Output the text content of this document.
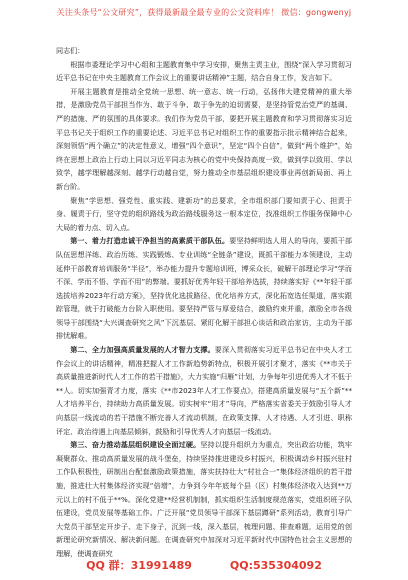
关注头条号“公文研究”，获得最新最全最专业的公文资料库！ 微信：gongwenyj

同志们：

根据市委理论学习中心组和主题教育集中学习安排，聚焦主责主业，围绕“深入学习贯彻习近平总书记在中央主题教育工作会议上的重要讲话精神”主题，结合自身工作，发言如下。

开展主题教育是推动全党统一思想、统一意志、统一行动，弘扬伟大建党精神的重大举措，是激励党员干部担当作为、敢于斗争、敢于争先的迫切需要，是坚持管党治党严的基调、严的措施、严的氛围的具体要求。我们作为党员干部，要把开展主题教育和学习贯彻落实习近平总书记关于组织工作的重要论述、习近平总书记对组织工作的重要指示批示精神结合起来，深刻领悟“两个确立”的决定性意义，增强“四个意识”，坚定“四个自信”，做到“两个维护”，始终在思想上政治上行动上同以习近平同志为核心的党中央保持高度一致，做到学以致用、学以致学，越学理解越深刻、越学行动越自觉，努力推动全市基层组织建设事业再创新局面、再上新台阶。

聚焦“学思想、强党性、重实践、建新功”的总要求，全市组织部门要知责于心、担责于身、履责于行，坚守党的组织路线为政治路线服务这一根本定位，找准组织工作服务保障中心大局的着力点、切入点。

第一、着力打造忠诚干净担当的高素质干部队伍。要坚持鲜明选人用人的导向，要抓干部队伍思想洋练、政治历练、实践锻炼、专业训练“全链条”建设，既抓干部能力本领建设，主动延伸干部教育培训服务“半径”，举办能力提升专题培训班，博采众长，破解干部理论学习“学而不深、学而不悟、学而不用”的弊端。要抓好优秀年轻干部培养选拔，持续落实好《**年轻干部选拔培养2023年行动方案》，坚持优化选拔路径、优化培养方式，深化拓宽选任渠道，落实跟踪管理，就于打破能力台阶入职使用。要坚持严管与厚爱结合，激励约束并重，激励全市各级领导干部围绕“大兴调查研究之风”下沉基层、紧盯化解干部担心谈话和政治家访，主动为干部排忧解难。

第二、全力加强高质量发展的人才智力支撑。要深入贯彻落实习近平总书记在中央人才工作会议上的讲话精神，精准把握人才工作新趋势新特点，积极开展引才聚才，落实《**市关于高质量推进新时代人才工作的若干措施》，大力实施“归雁”计划，力争每年引进优秀人才不低于**人。切实加强青才力度，落实《**市2023年人才工作要点》，搭建高质量发展与“五个新”**人才培养平台，持续助力高质量发展。切实树牢“用才”导向，严格落实省委关于鼓励引导人才向基层一线流动的若干措施不断完善人才流动机制，在政策支撑、人才待遇、人才引进、职称评定、政治待遇上向基层倾斜，鼓励和引导优秀人才向基层一线流动。

第三、奋力推动基层组织建设全面过硬。坚持以提升组织力为重点，突出政治功能，筑牢凝聚群众、推动高质量发展的战斗堡垒，持续坚持推进建设乡村振兴，积极调动乡村振兴驻村工作队积极性，研制出台配套激励政策措施，落实扶持壮大“村社合一”集体经济组织的若干措施，推进壮大村集体经济实现“倍增”，力争到今年年底每个县（区）村集体经济收入达到**万元以上的村不低于**%。深化党建**经营机制制，抓实组织生活制度规范落实，党组织班子队伍建设，党员发展等基础工作。广泛开展“党员领导干部深下基层蹲研”系列活动，教育引导广大党员干部坚定开步子、走下身子，沉到一线，深入基层，梳理问题、排查难题，运用党的创新理论研究新情况、解决新问题。在调查研究中加深对习近平新时代中国特色社会主义思想的理解，使调查研究

QQ 群：31991489	QQ:535304092
